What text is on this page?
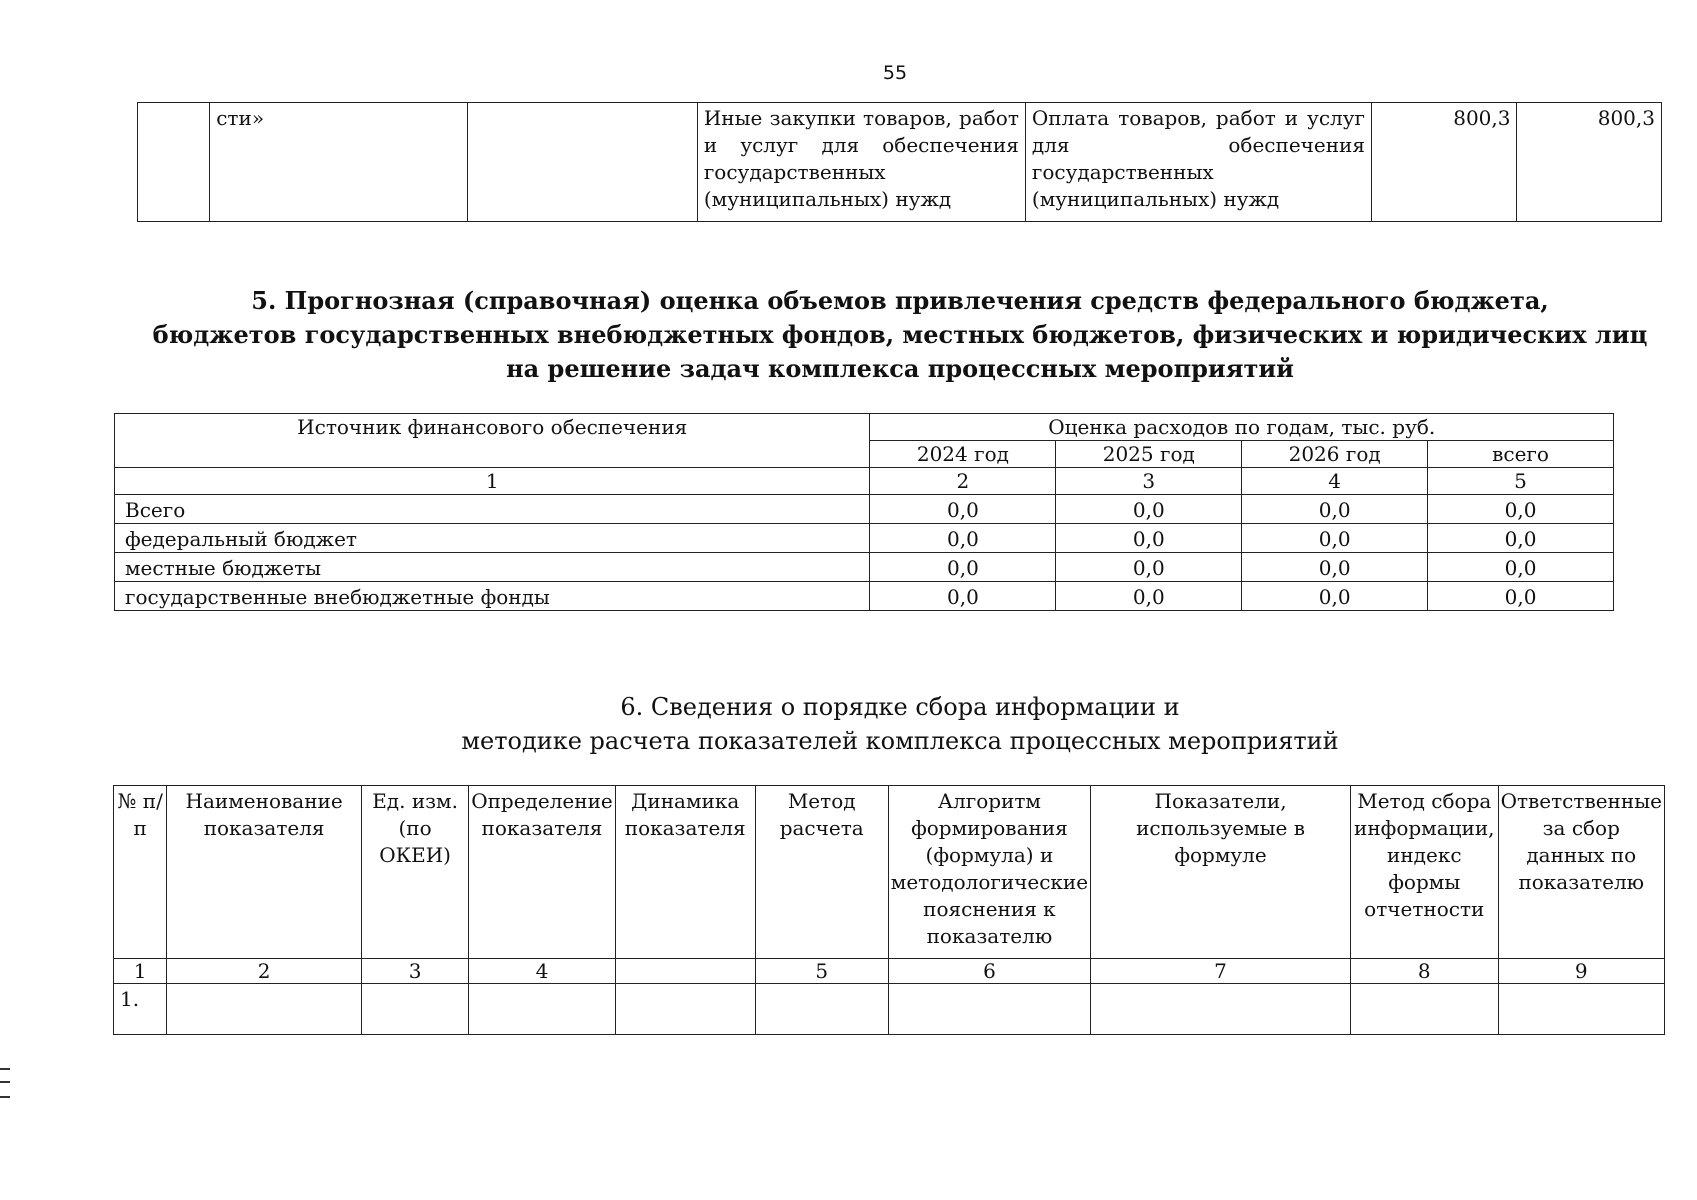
55
	сти»		Иные закупки товаров, работ и услуг для обеспечения государственных (муниципальных) нужд	Оплата товаров, работ и услуг для обеспечения государственных (муниципальных) нужд	800,3	800,3
5. Прогнозная (справочная) оценка объемов привлечения средств федерального бюджета,
бюджетов государственных внебюджетных фондов, местных бюджетов, физических и юридических лиц
на решение задач комплекса процессных мероприятий
Источник финансового обеспечения	Оценка расходов по годам, тыс. руб.			
	2024 год	2025 год	2026 год	всего
1	2	3	4	5
Всего	0,0	0,0	0,0	0,0
федеральный бюджет	0,0	0,0	0,0	0,0
местные бюджеты	0,0	0,0	0,0	0,0
государственные внебюджетные фонды	0,0	0,0	0,0	0,0
6. Сведения о порядке сбора информации и
методике расчета показателей комплекса процессных мероприятий
№ п/п	Наименование показателя	Ед. изм. (по ОКЕИ)	Определение показателя	Динамика показателя	Метод расчета	Алгоритм формирования (формула) и методологические пояснения к показателю	Показатели, используемые в формуле	Метод сбора информации, индекс формы отчетности	Ответственные за сбор данных по показателю
1	2	3	4		5	6	7	8	9
1.									
